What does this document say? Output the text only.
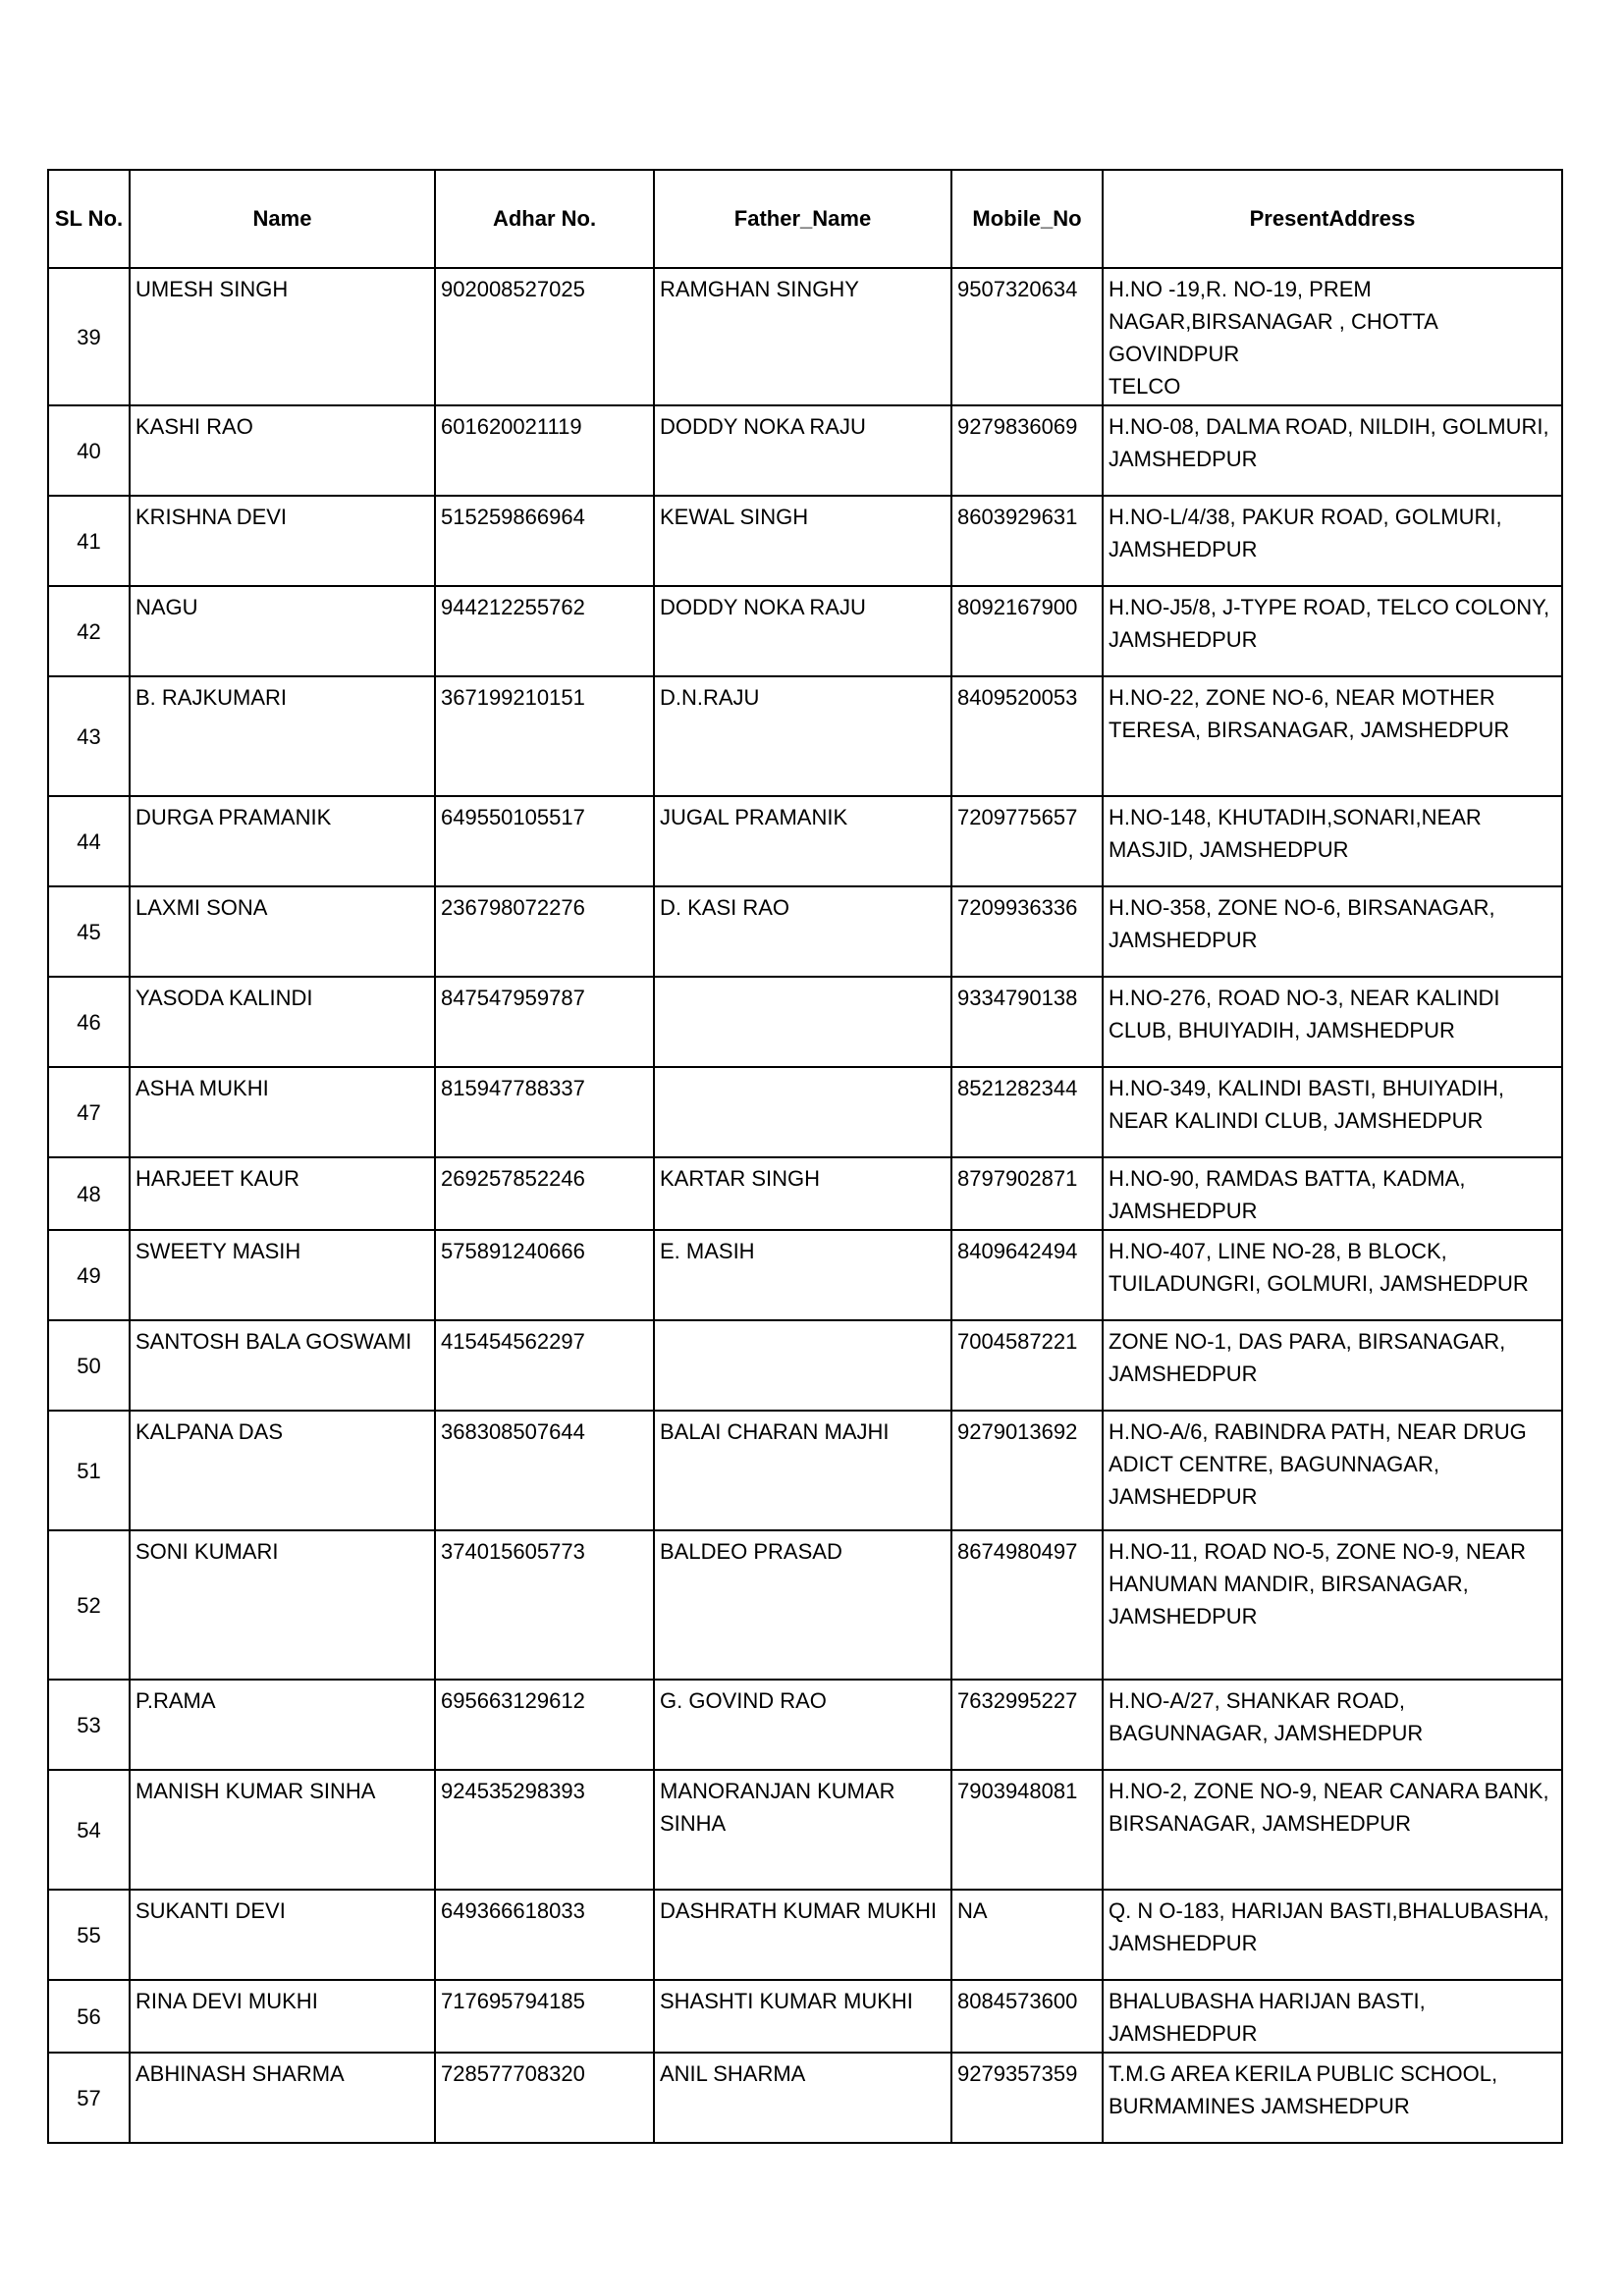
SL No.	Name	Adhar No.	Father_Name	Mobile_No	PresentAddress
39	UMESH SINGH	902008527025	RAMGHAN SINGHY	9507320634	H.NO -19,R. NO-19, PREM
NAGAR,BIRSANAGAR , CHOTTA GOVINDPUR
TELCO
40	KASHI RAO	601620021119	DODDY NOKA RAJU	9279836069	H.NO-08, DALMA ROAD, NILDIH, GOLMURI,
JAMSHEDPUR
41	KRISHNA DEVI	515259866964	KEWAL SINGH	8603929631	H.NO-L/4/38, PAKUR ROAD, GOLMURI,
JAMSHEDPUR
42	NAGU	944212255762	DODDY NOKA RAJU	8092167900	H.NO-J5/8, J-TYPE ROAD, TELCO COLONY,
JAMSHEDPUR
43	B. RAJKUMARI	367199210151	D.N.RAJU	8409520053	H.NO-22, ZONE NO-6, NEAR MOTHER
TERESA, BIRSANAGAR, JAMSHEDPUR
44	DURGA PRAMANIK	649550105517	JUGAL PRAMANIK	7209775657	H.NO-148, KHUTADIH,SONARI,NEAR
MASJID, JAMSHEDPUR
45	LAXMI SONA	236798072276	D. KASI RAO	7209936336	H.NO-358, ZONE NO-6, BIRSANAGAR,
JAMSHEDPUR
46	YASODA KALINDI	847547959787		9334790138	H.NO-276, ROAD NO-3, NEAR KALINDI
CLUB, BHUIYADIH, JAMSHEDPUR
47	ASHA MUKHI	815947788337		8521282344	H.NO-349, KALINDI BASTI, BHUIYADIH,
NEAR KALINDI CLUB, JAMSHEDPUR
48	HARJEET KAUR	269257852246	KARTAR SINGH	8797902871	H.NO-90, RAMDAS BATTA, KADMA,
JAMSHEDPUR
49	SWEETY MASIH	575891240666	E. MASIH	8409642494	H.NO-407, LINE NO-28, B BLOCK,
TUILADUNGRI, GOLMURI, JAMSHEDPUR
50	SANTOSH BALA GOSWAMI	415454562297		7004587221	ZONE NO-1, DAS PARA, BIRSANAGAR,
JAMSHEDPUR
51	KALPANA DAS	368308507644	BALAI CHARAN MAJHI	9279013692	H.NO-A/6, RABINDRA PATH, NEAR DRUG
ADICT CENTRE, BAGUNNAGAR,
JAMSHEDPUR
52	SONI KUMARI	374015605773	BALDEO PRASAD	8674980497	H.NO-11, ROAD NO-5, ZONE NO-9, NEAR
HANUMAN MANDIR, BIRSANAGAR,
JAMSHEDPUR
53	P.RAMA	695663129612	G. GOVIND RAO	7632995227	H.NO-A/27, SHANKAR ROAD,
BAGUNNAGAR, JAMSHEDPUR
54	MANISH KUMAR SINHA	924535298393	MANORANJAN KUMAR
SINHA	7903948081	H.NO-2, ZONE NO-9, NEAR CANARA BANK,
BIRSANAGAR, JAMSHEDPUR
55	SUKANTI DEVI	649366618033	DASHRATH KUMAR MUKHI	NA	Q. N O-183, HARIJAN BASTI,BHALUBASHA,
JAMSHEDPUR
56	RINA DEVI MUKHI	717695794185	SHASHTI KUMAR MUKHI	8084573600	BHALUBASHA HARIJAN BASTI,
JAMSHEDPUR
57	ABHINASH SHARMA	728577708320	ANIL SHARMA	9279357359	T.M.G AREA KERILA PUBLIC SCHOOL,
BURMAMINES JAMSHEDPUR
